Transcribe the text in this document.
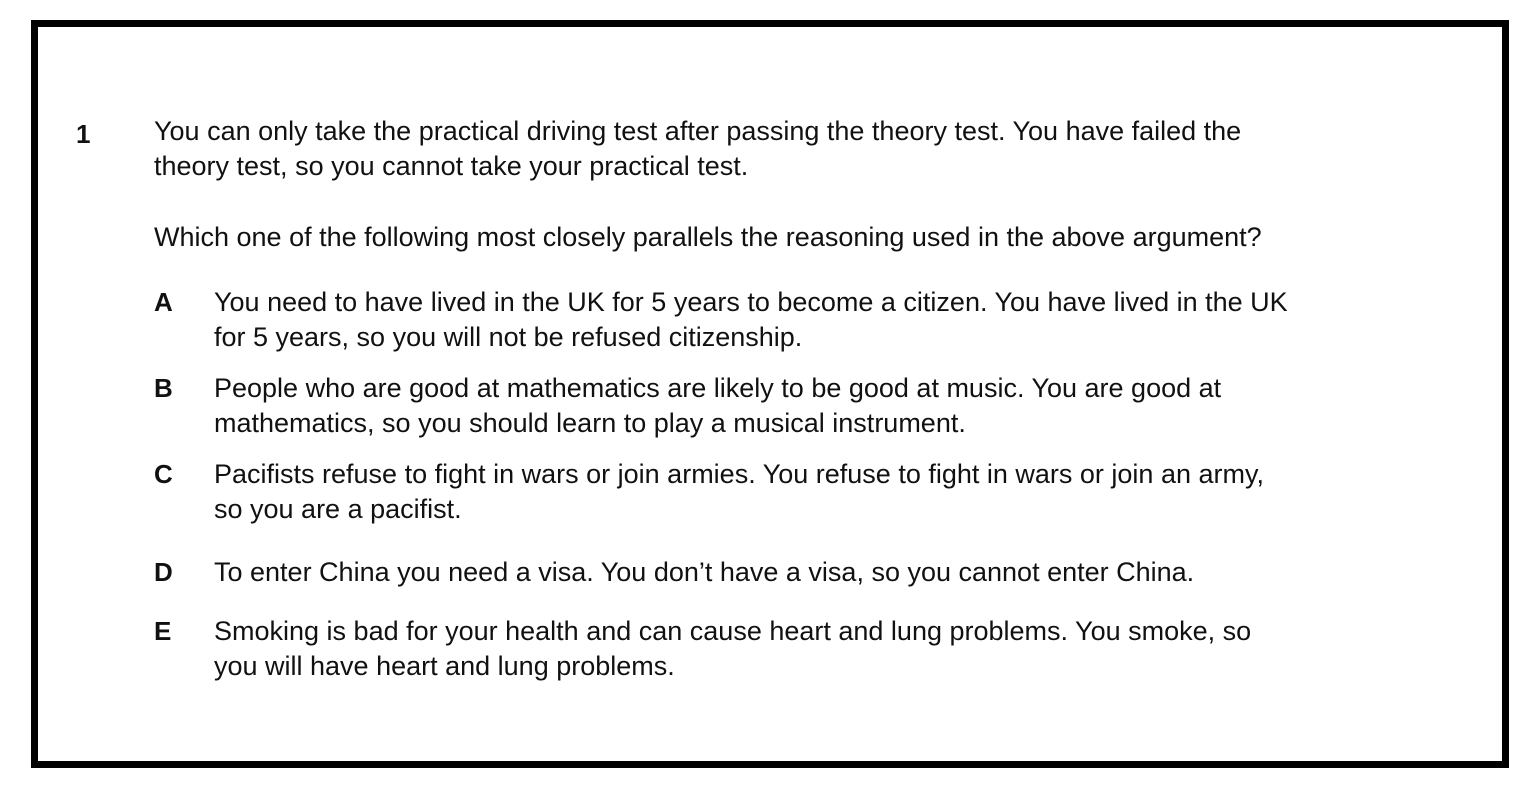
1 You can only take the practical driving test after passing the theory test. You have failed the
theory test, so you cannot take your practical test.
Which one of the following most closely parallels the reasoning used in the above argument?
A You need to have lived in the UK for 5 years to become a citizen. You have lived in the UK
for 5 years, so you will not be refused citizenship.
B People who are good at mathematics are likely to be good at music. You are good at
mathematics, so you should learn to play a musical instrument.
C Pacifists refuse to fight in wars or join armies. You refuse to fight in wars or join an army,
so you are a pacifist.
D To enter China you need a visa. You don’t have a visa, so you cannot enter China.
E Smoking is bad for your health and can cause heart and lung problems. You smoke, so
you will have heart and lung problems.
